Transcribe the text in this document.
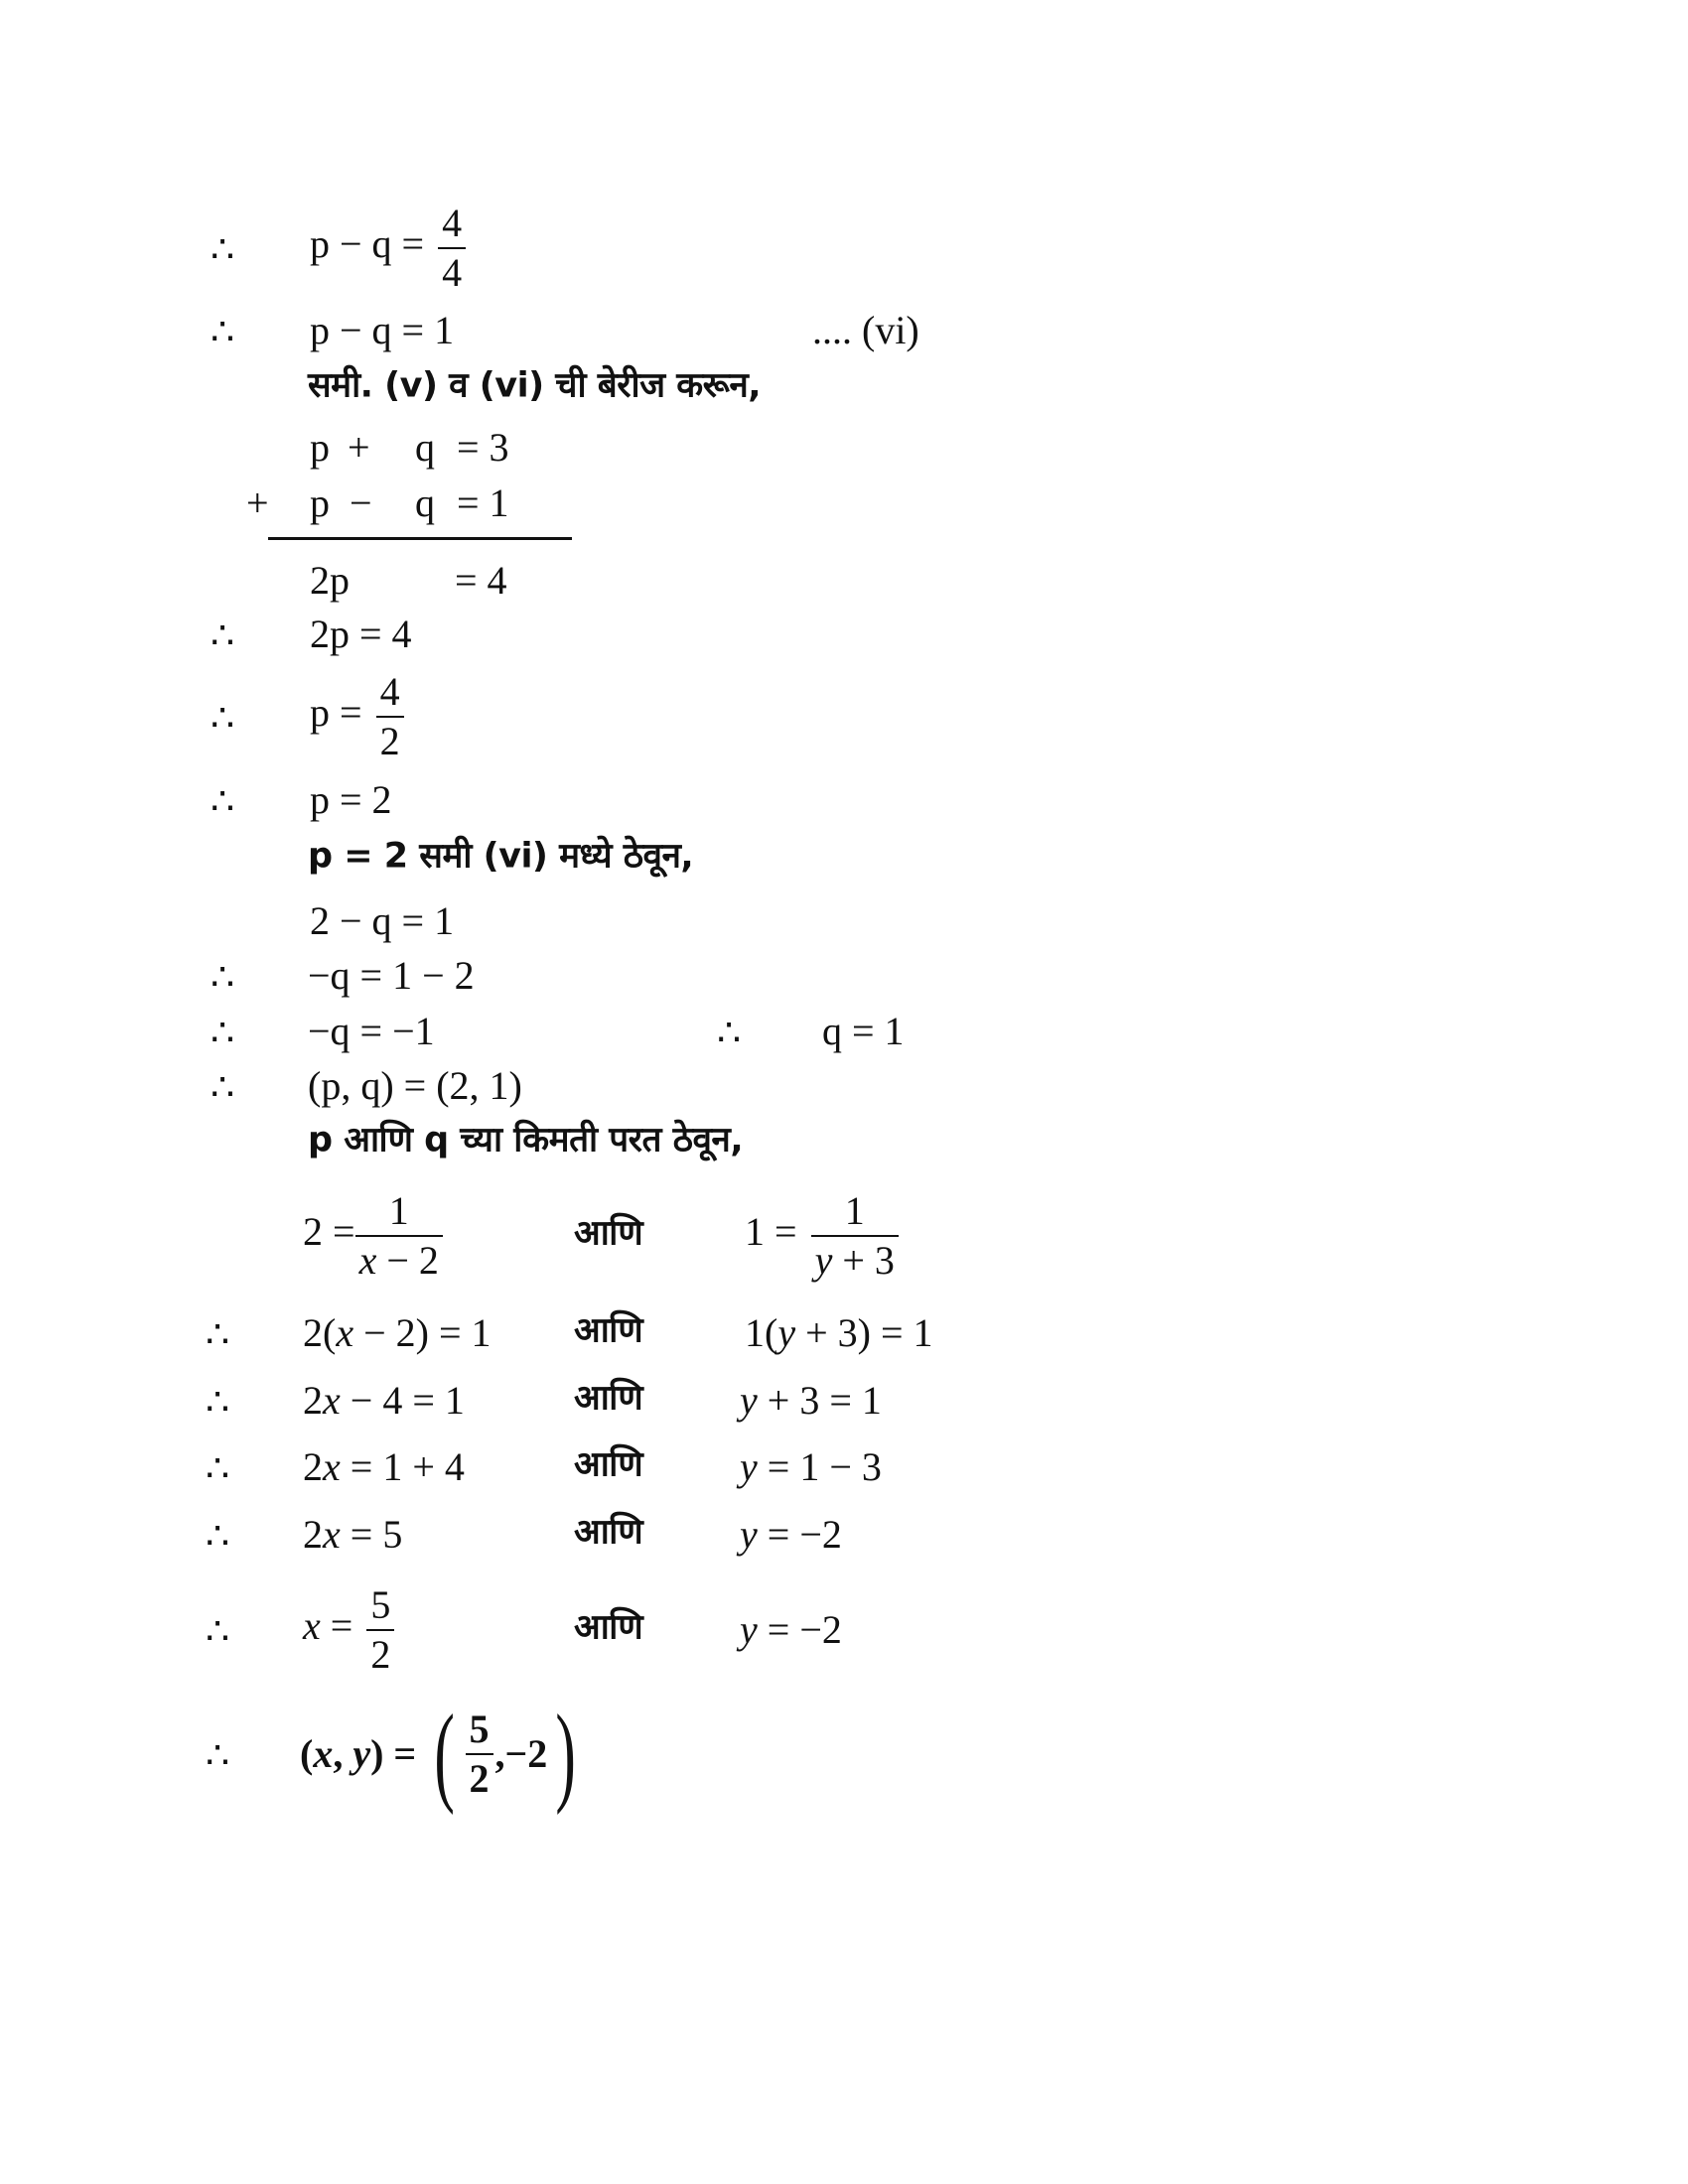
∴ $p - q = \frac{4}{4}$
∴ p − q = 1	.... (vi)
समी. (v) व (vi) ची बेरीज करून,
p + q = 3
+ p − q = 1
2p	= 4
∴ 2p = 4
∴ $p = \frac{4}{2}$
∴ p = 2
p = 2 समी (vi) मध्ये ठेवून,
2 − q = 1
∴ −q = 1 − 2
∴ −q = −1	∴ q = 1
∴ (p, q) = (2, 1)
p आणि q च्या किमती परत ठेवून,
$2 = \frac{1}{x - 2}$	आणि	$1 = \frac{1}{y + 3}$
∴ 2(x − 2) = 1 आणि	1(y + 3) = 1
∴ 2x − 4 = 1	आणि y + 3 = 1
∴ 2x = 1 + 4	आणि y = 1 − 3
∴ 2x = 5	आणि y = −2
∴ $x = \frac{5}{2}$	आणि y = −2
∴ ( x , y ) = ( $\frac{5}{2} ,-2$ )
